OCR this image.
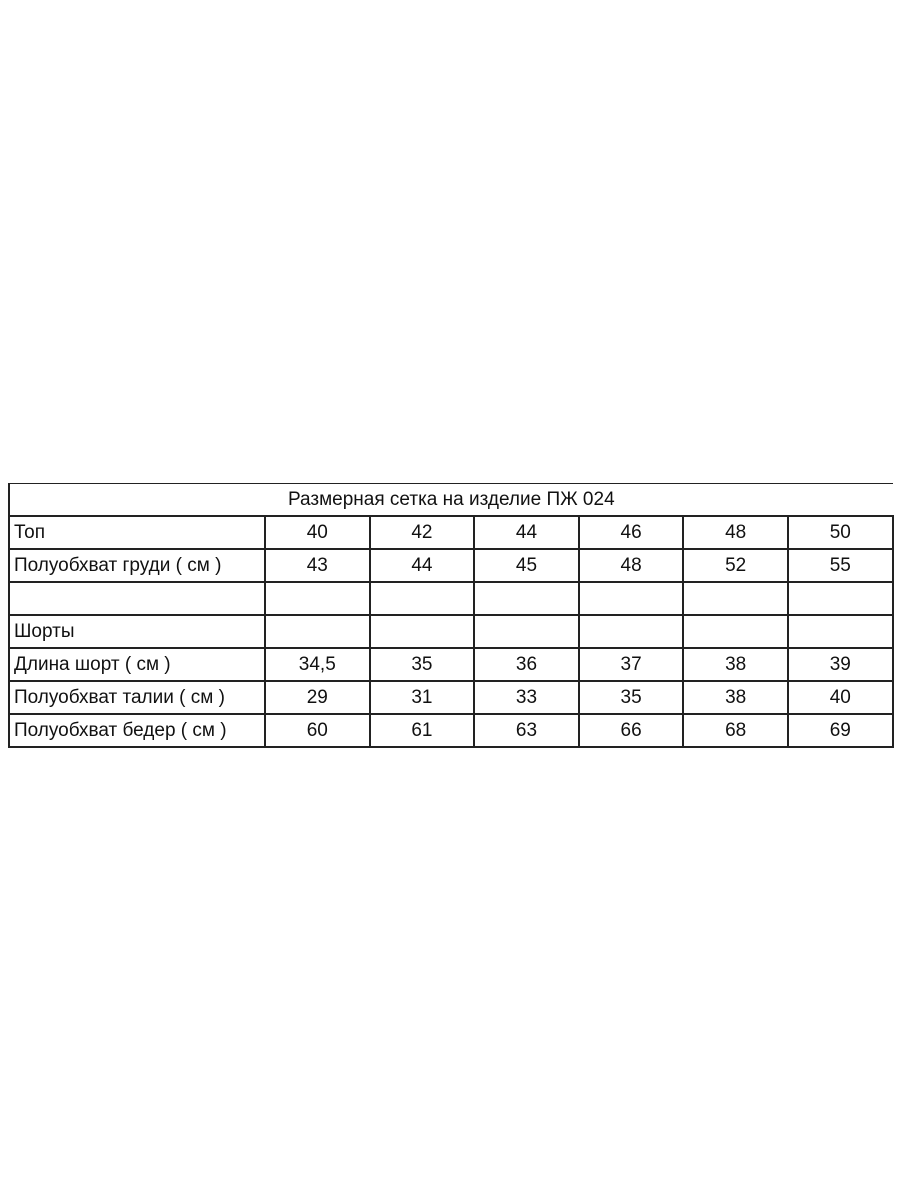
Размерная сетка на изделие ПЖ 024						
Топ	40	42	44	46	48	50
Полуобхват груди ( см )	43	44	45	48	52	55

Шорты						
Длина шорт ( см )	34,5	35	36	37	38	39
Полуобхват талии ( см )	29	31	33	35	38	40
Полуобхват бедер ( см )	60	61	63	66	68	69
